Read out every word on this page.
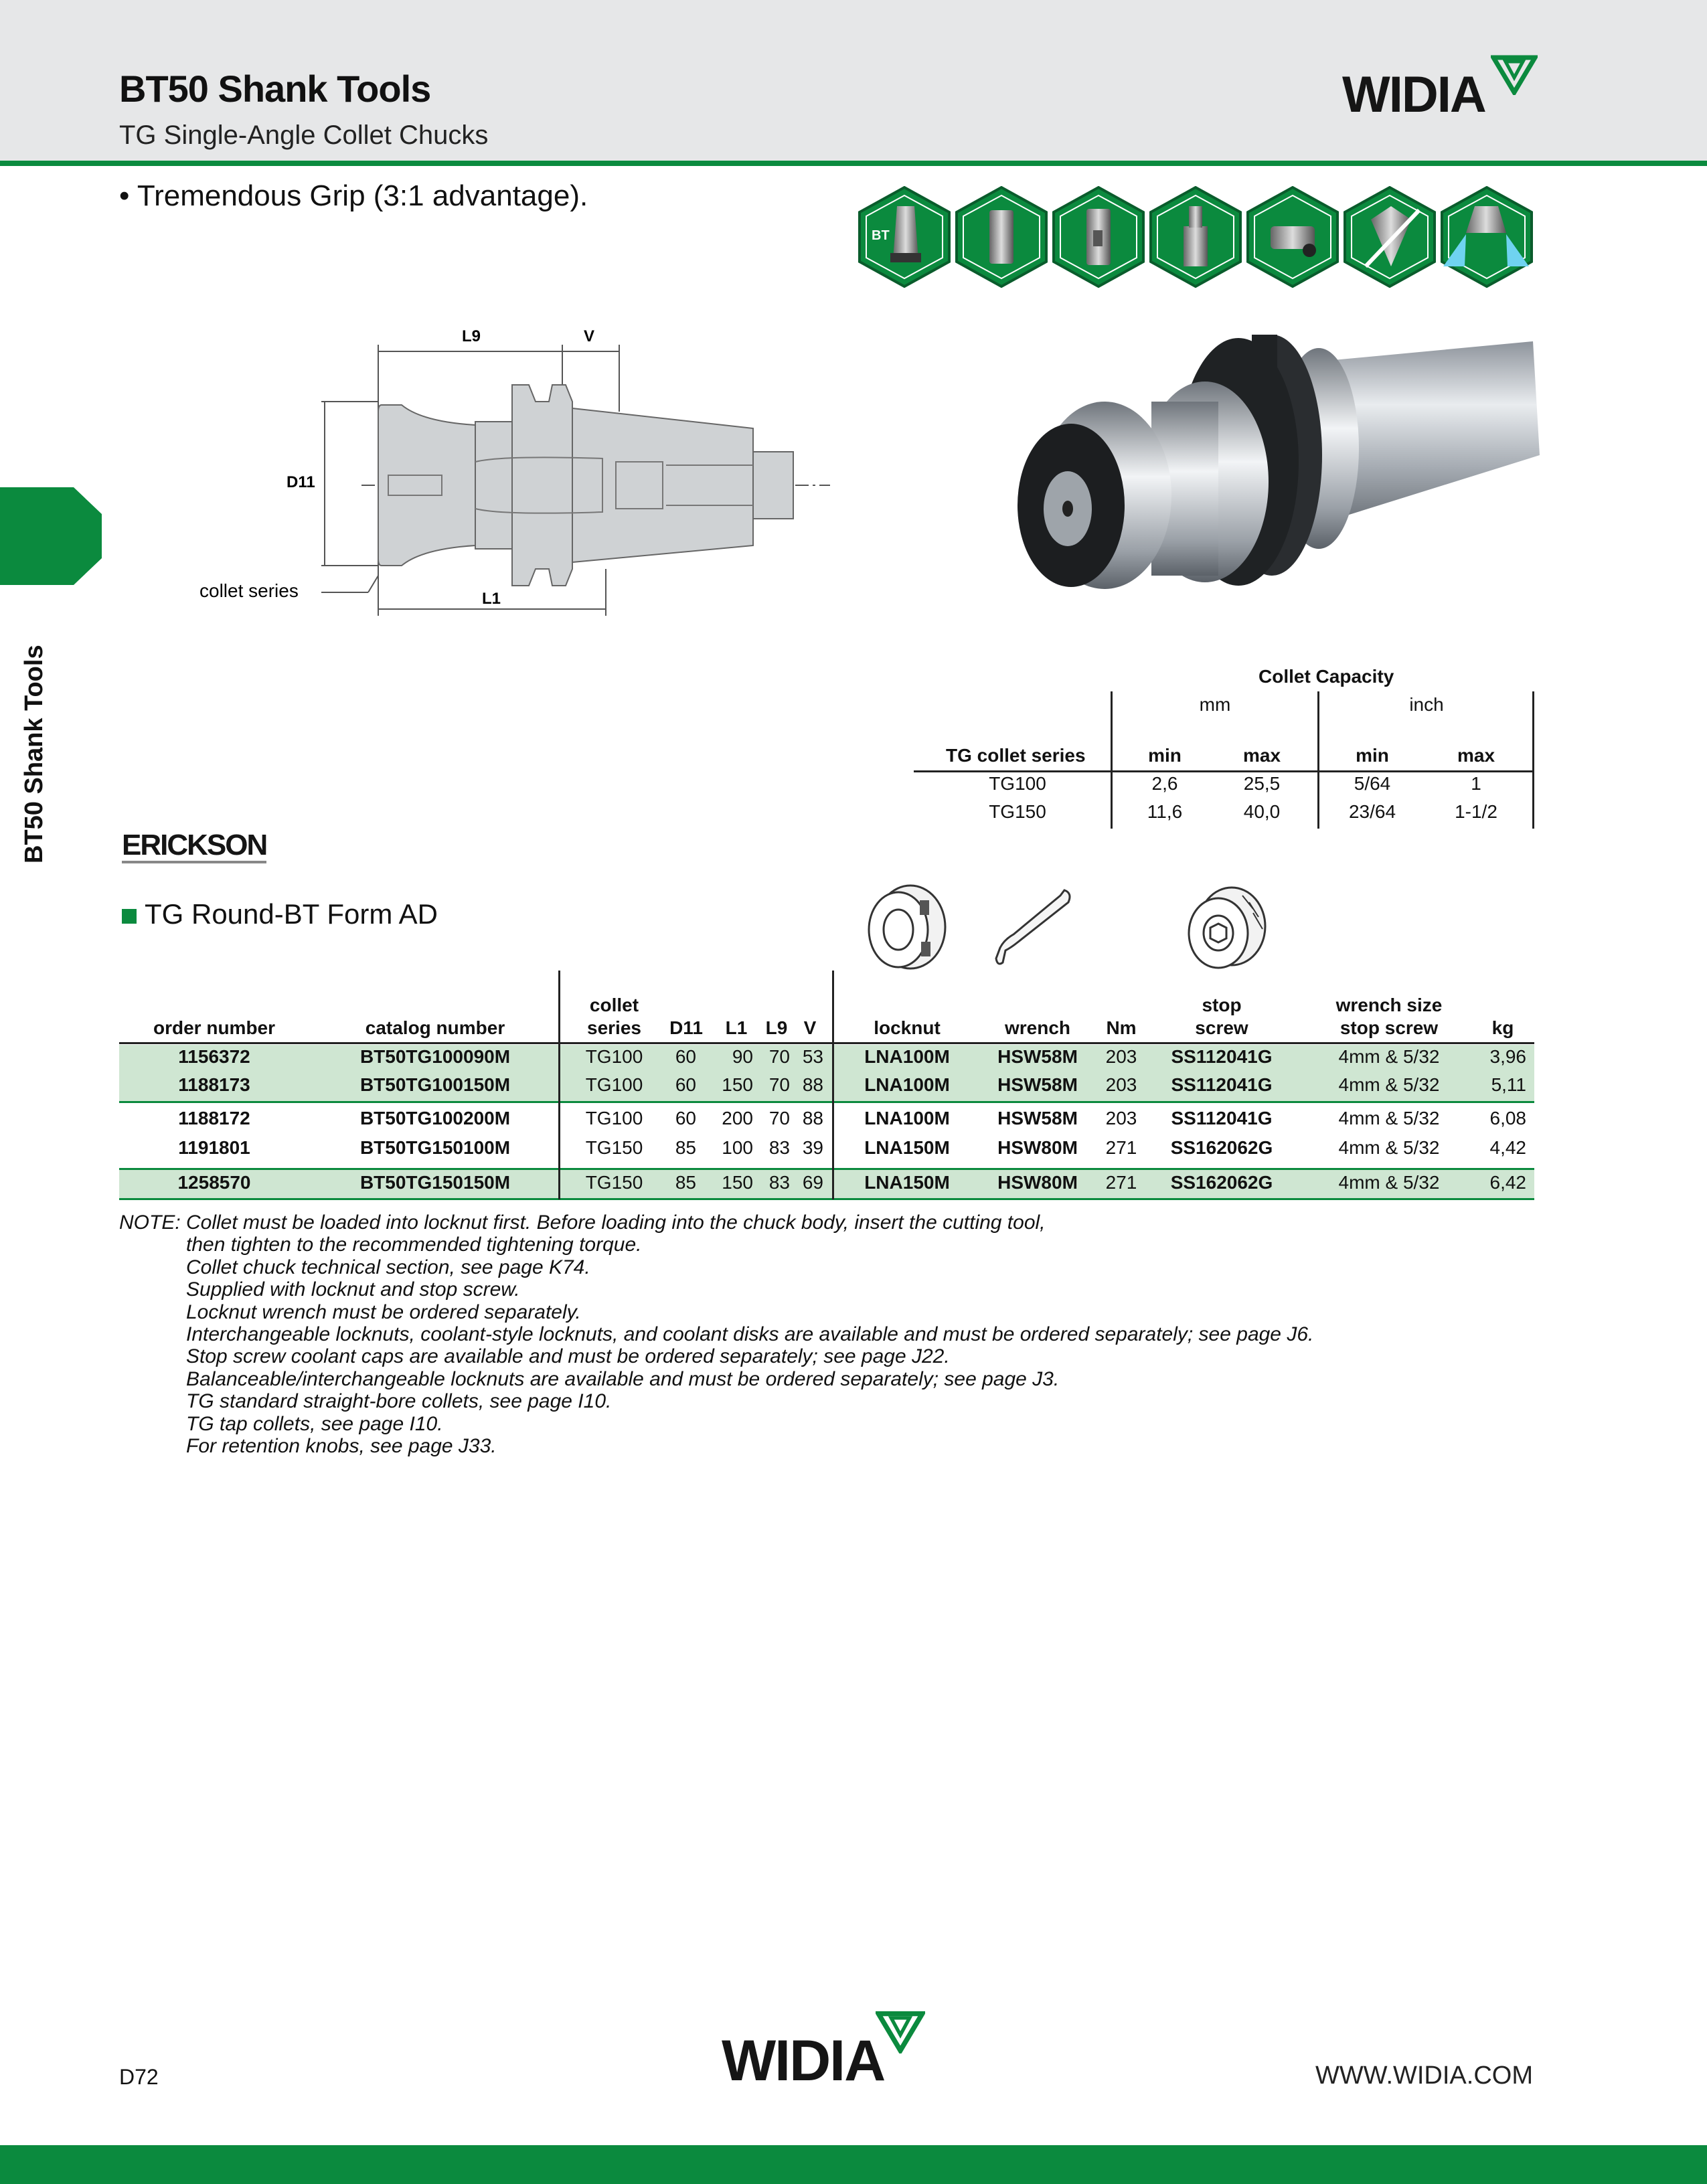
BT50 Shank Tools
TG Single-Angle Collet Chucks
WIDIA
BT50 Shank Tools
• Tremendous Grip (3:1 advantage).
BT
L9	V
D11
L1
collet series
Collet Capacity
mm	inch
TG collet series	min	max	min	max
TG100	2,6	25,5	5/64	1
TG150	11,6	40,0	23/64	1-1/2
ERICKSON
TG Round-BT Form AD
order number	catalog number
collet
series	D11	L1 L9 V	locknut	wrench	Nm
stop
screw
wrench size
stop screw	kg
1156372	BT50TG100090M	TG100	60	90 70 53	LNA100M	HSW58M	203	SS112041G	4mm & 5/32	3,96
1188173	BT50TG100150M	TG100	60	150 70 88	LNA100M	HSW58M	203	SS112041G	4mm & 5/32	5,11
1188172	BT50TG100200M	TG100	60	200 70 88	LNA100M	HSW58M	203	SS112041G	4mm & 5/32	6,08
1191801	BT50TG150100M	TG150	85	100 83 39	LNA150M	HSW80M	271	SS162062G	4mm & 5/32	4,42
1258570	BT50TG150150M	TG150	85	150 83 69	LNA150M	HSW80M	271	SS162062G	4mm & 5/32	6,42
NOTE: Collet must be loaded into locknut first. Before loading into the chuck body, insert the cutting tool,
then tighten to the recommended tightening torque.
Collet chuck technical section, see page K74.
Supplied with locknut and stop screw.
Locknut wrench must be ordered separately.
Interchangeable locknuts, coolant-style locknuts, and coolant disks are available and must be ordered separately; see page J6.
Stop screw coolant caps are available and must be ordered separately; see page J22.
Balanceable/interchangeable locknuts are available and must be ordered separately; see page J3.
TG standard straight-bore collets, see page I10.
TG tap collets, see page I10.
For retention knobs, see page J33.
D72	WIDIA	WWW.WIDIA.COM
